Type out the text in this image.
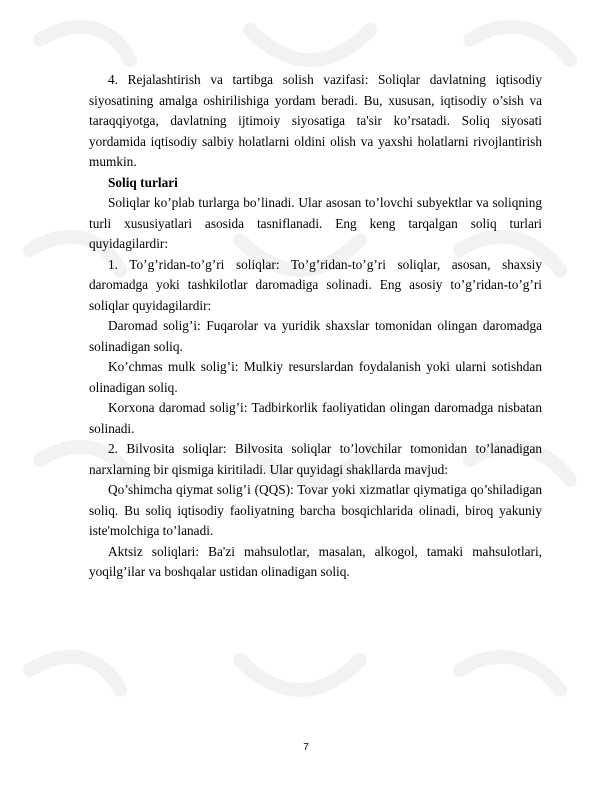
4. Rejalashtirish va tartibga solish vazifasi: Soliqlar davlatning iqtisodiy siyosatining amalga oshirilishiga yordam beradi. Bu, xususan, iqtisodiy o’sish va taraqqiyotga, davlatning ijtimoiy siyosatiga ta'sir ko’rsatadi. Soliq siyosati yordamida iqtisodiy salbiy holatlarni oldini olish va yaxshi holatlarni rivojlantirish mumkin.

Soliq turlari

Soliqlar ko’plab turlarga bo’linadi. Ular asosan to’lovchi subyektlar va soliqning turli xususiyatlari asosida tasniflanadi. Eng keng tarqalgan soliq turlari quyidagilardir:

1. To’g’ridan-to’g’ri soliqlar: To’g’ridan-to’g’ri soliqlar, asosan, shaxsiy daromadga yoki tashkilotlar daromadiga solinadi. Eng asosiy to’g’ridan-to’g’ri soliqlar quyidagilardir:

Daromad solig’i: Fuqarolar va yuridik shaxslar tomonidan olingan daromadga solinadigan soliq.

Ko’chmas mulk solig’i: Mulkiy resurslardan foydalanish yoki ularni sotishdan olinadigan soliq.

Korxona daromad solig’i: Tadbirkorlik faoliyatidan olingan daromadga nisbatan solinadi.

2. Bilvosita soliqlar: Bilvosita soliqlar to’lovchilar tomonidan to’lanadigan narxlarning bir qismiga kiritiladi. Ular quyidagi shakllarda mavjud:

Qo’shimcha qiymat solig’i (QQS): Tovar yoki xizmatlar qiymatiga qo’shiladigan soliq. Bu soliq iqtisodiy faoliyatning barcha bosqichlarida olinadi, biroq yakuniy iste'molchiga to’lanadi.

Aktsiz soliqlari: Ba'zi mahsulotlar, masalan, alkogol, tamaki mahsulotlari, yoqilg’ilar va boshqalar ustidan olinadigan soliq.

7
